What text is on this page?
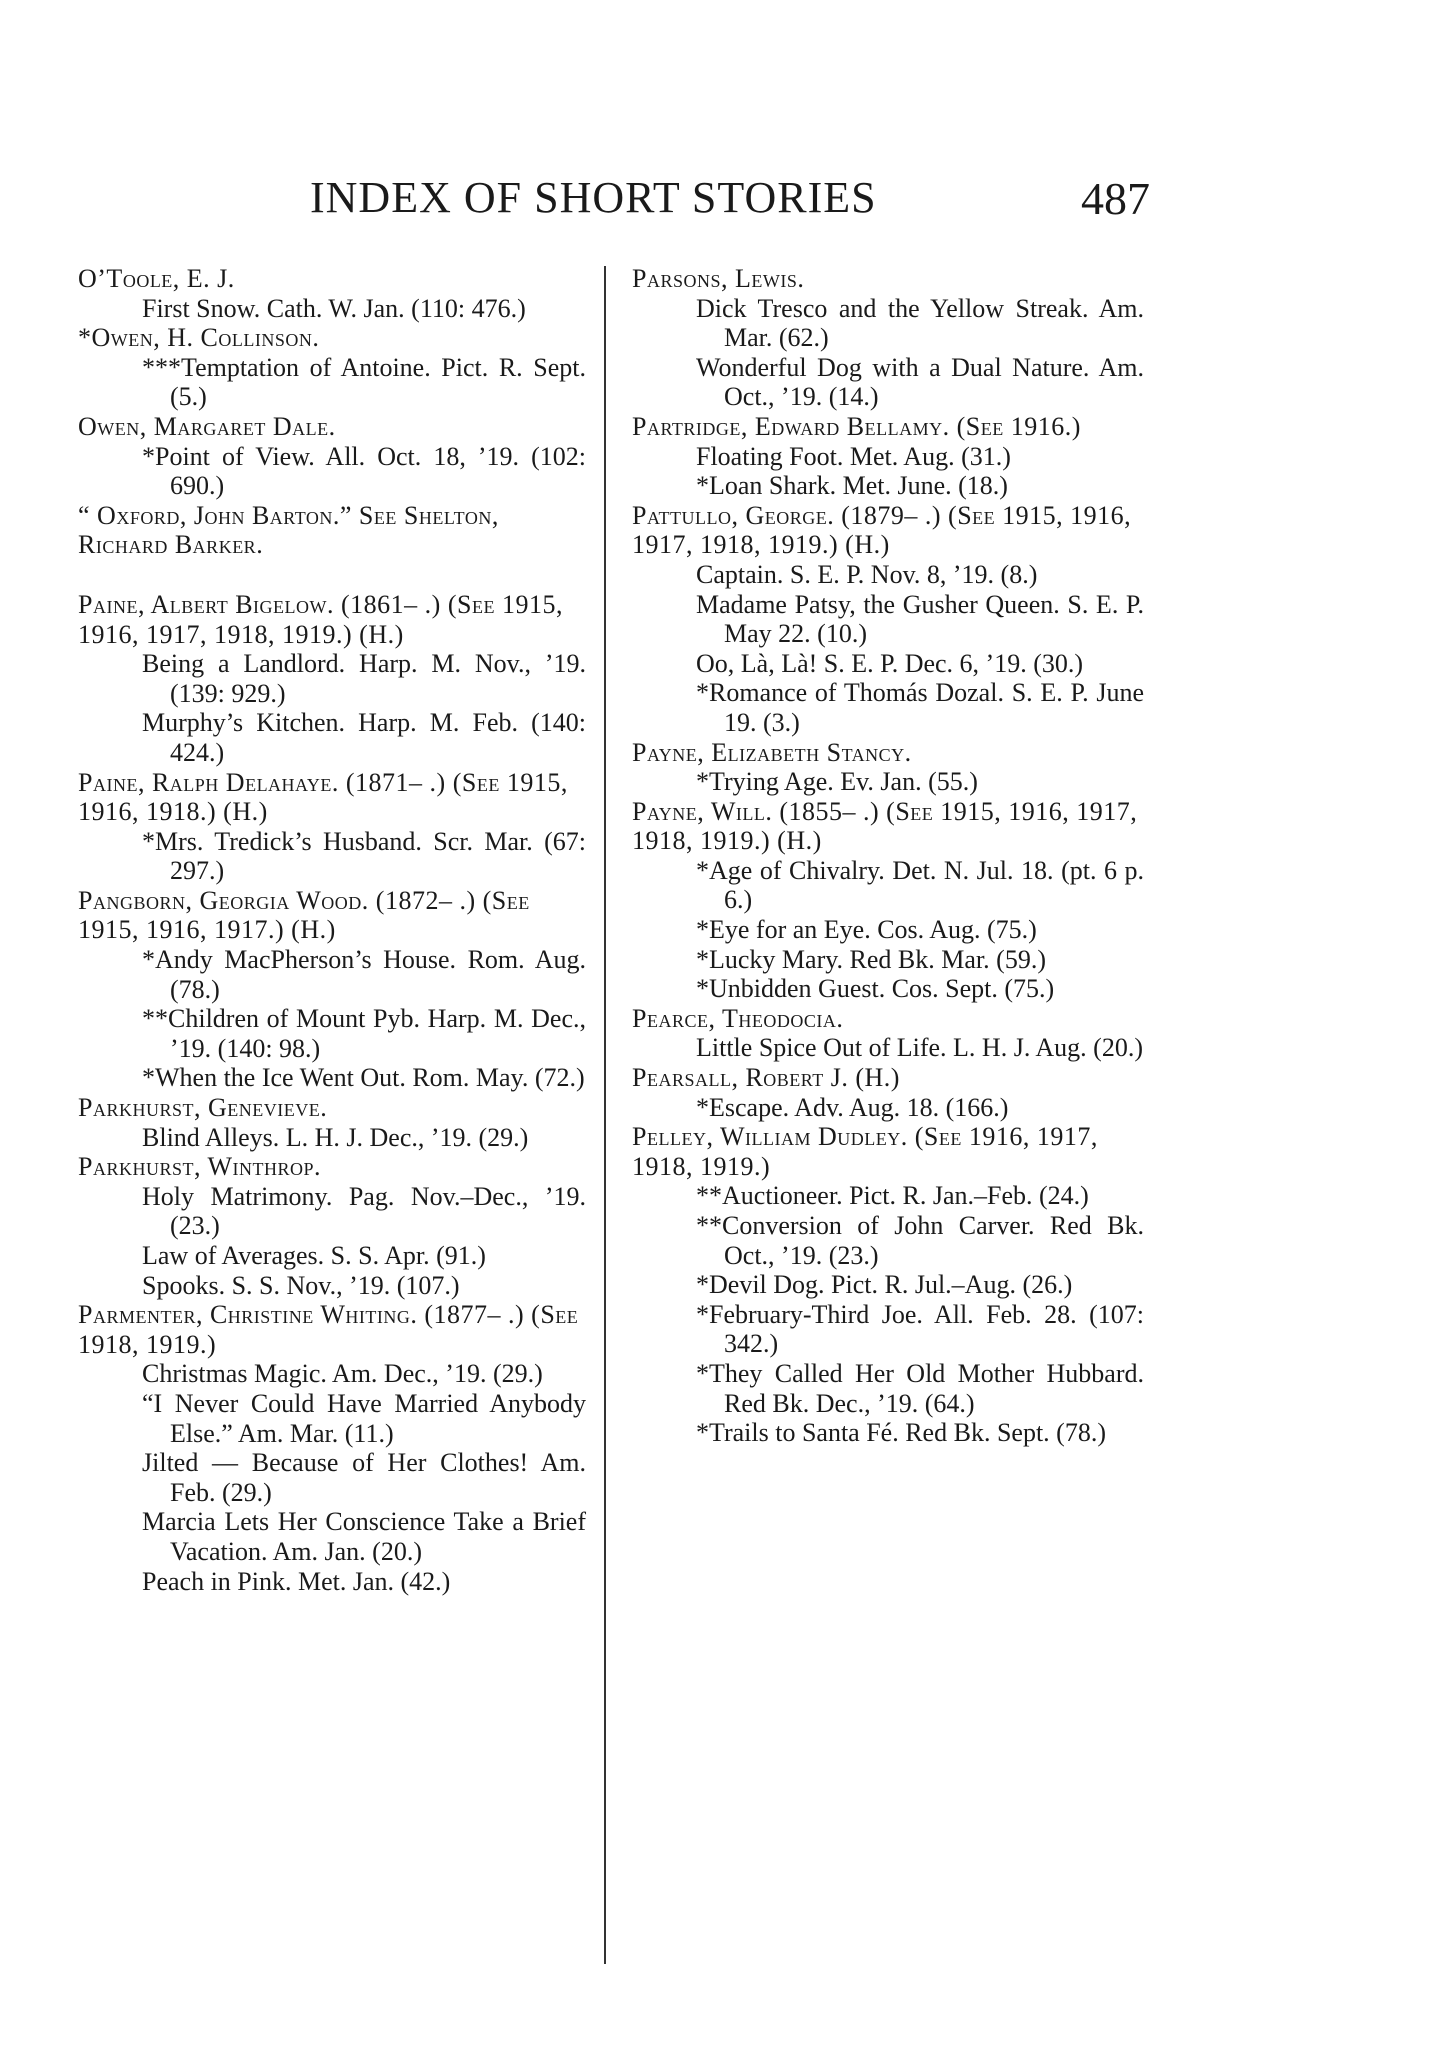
INDEX OF SHORT STORIES	487

O’Toole, E. J.

First Snow. Cath. W. Jan. (110: 476.)

*Owen, H. Collinson.

***Temptation of Antoine. Pict. R. Sept. (5.)

Owen, Margaret Dale.

*Point of View. All. Oct. 18, ’19. (102: 690.)

“ Oxford, John Barton.” See Shelton, Richard Barker.

Paine, Albert Bigelow. (1861– .) (See 1915, 1916, 1917, 1918, 1919.) (H.)

Being a Landlord. Harp. M. Nov., ’19. (139: 929.)

Murphy’s Kitchen. Harp. M. Feb. (140: 424.)

Paine, Ralph Delahaye. (1871– .) (See 1915, 1916, 1918.) (H.)

*Mrs. Tredick’s Husband. Scr. Mar. (67: 297.)

Pangborn, Georgia Wood. (1872– .) (See 1915, 1916, 1917.) (H.)

*Andy MacPherson’s House. Rom. Aug. (78.)

**Children of Mount Pyb. Harp. M. Dec., ’19. (140: 98.)

*When the Ice Went Out. Rom. May. (72.)

Parkhurst, Genevieve.

Blind Alleys. L. H. J. Dec., ’19. (29.)

Parkhurst, Winthrop.

Holy Matrimony. Pag. Nov.–Dec., ’19. (23.)

Law of Averages. S. S. Apr. (91.)

Spooks. S. S. Nov., ’19. (107.)

Parmenter, Christine Whiting. (1877– .) (See 1918, 1919.)

Christmas Magic. Am. Dec., ’19. (29.)

“I Never Could Have Married Anybody Else.” Am. Mar. (11.)

Jilted — Because of Her Clothes! Am. Feb. (29.)

Marcia Lets Her Conscience Take a Brief Vacation. Am. Jan. (20.)

Peach in Pink. Met. Jan. (42.)

Parsons, Lewis.

Dick Tresco and the Yellow Streak. Am. Mar. (62.)

Wonderful Dog with a Dual Nature. Am. Oct., ’19. (14.)

Partridge, Edward Bellamy. (See 1916.)

Floating Foot. Met. Aug. (31.)

*Loan Shark. Met. June. (18.)

Pattullo, George. (1879– .) (See 1915, 1916, 1917, 1918, 1919.) (H.)

Captain. S. E. P. Nov. 8, ’19. (8.)

Madame Patsy, the Gusher Queen. S. E. P. May 22. (10.)

Oo, Là, Là! S. E. P. Dec. 6, ’19. (30.)

*Romance of Thomás Dozal. S. E. P. June 19. (3.)

Payne, Elizabeth Stancy.

*Trying Age. Ev. Jan. (55.)

Payne, Will. (1855– .) (See 1915, 1916, 1917, 1918, 1919.) (H.)

*Age of Chivalry. Det. N. Jul. 18. (pt. 6 p. 6.)

*Eye for an Eye. Cos. Aug. (75.)

*Lucky Mary. Red Bk. Mar. (59.)

*Unbidden Guest. Cos. Sept. (75.)

Pearce, Theodocia.

Little Spice Out of Life. L. H. J. Aug. (20.)

Pearsall, Robert J. (H.)

*Escape. Adv. Aug. 18. (166.)

Pelley, William Dudley. (See 1916, 1917, 1918, 1919.)

**Auctioneer. Pict. R. Jan.–Feb. (24.)

**Conversion of John Carver. Red Bk. Oct., ’19. (23.)

*Devil Dog. Pict. R. Jul.–Aug. (26.)

*February-Third Joe. All. Feb. 28. (107: 342.)

*They Called Her Old Mother Hubbard. Red Bk. Dec., ’19. (64.)

*Trails to Santa Fé. Red Bk. Sept. (78.)
